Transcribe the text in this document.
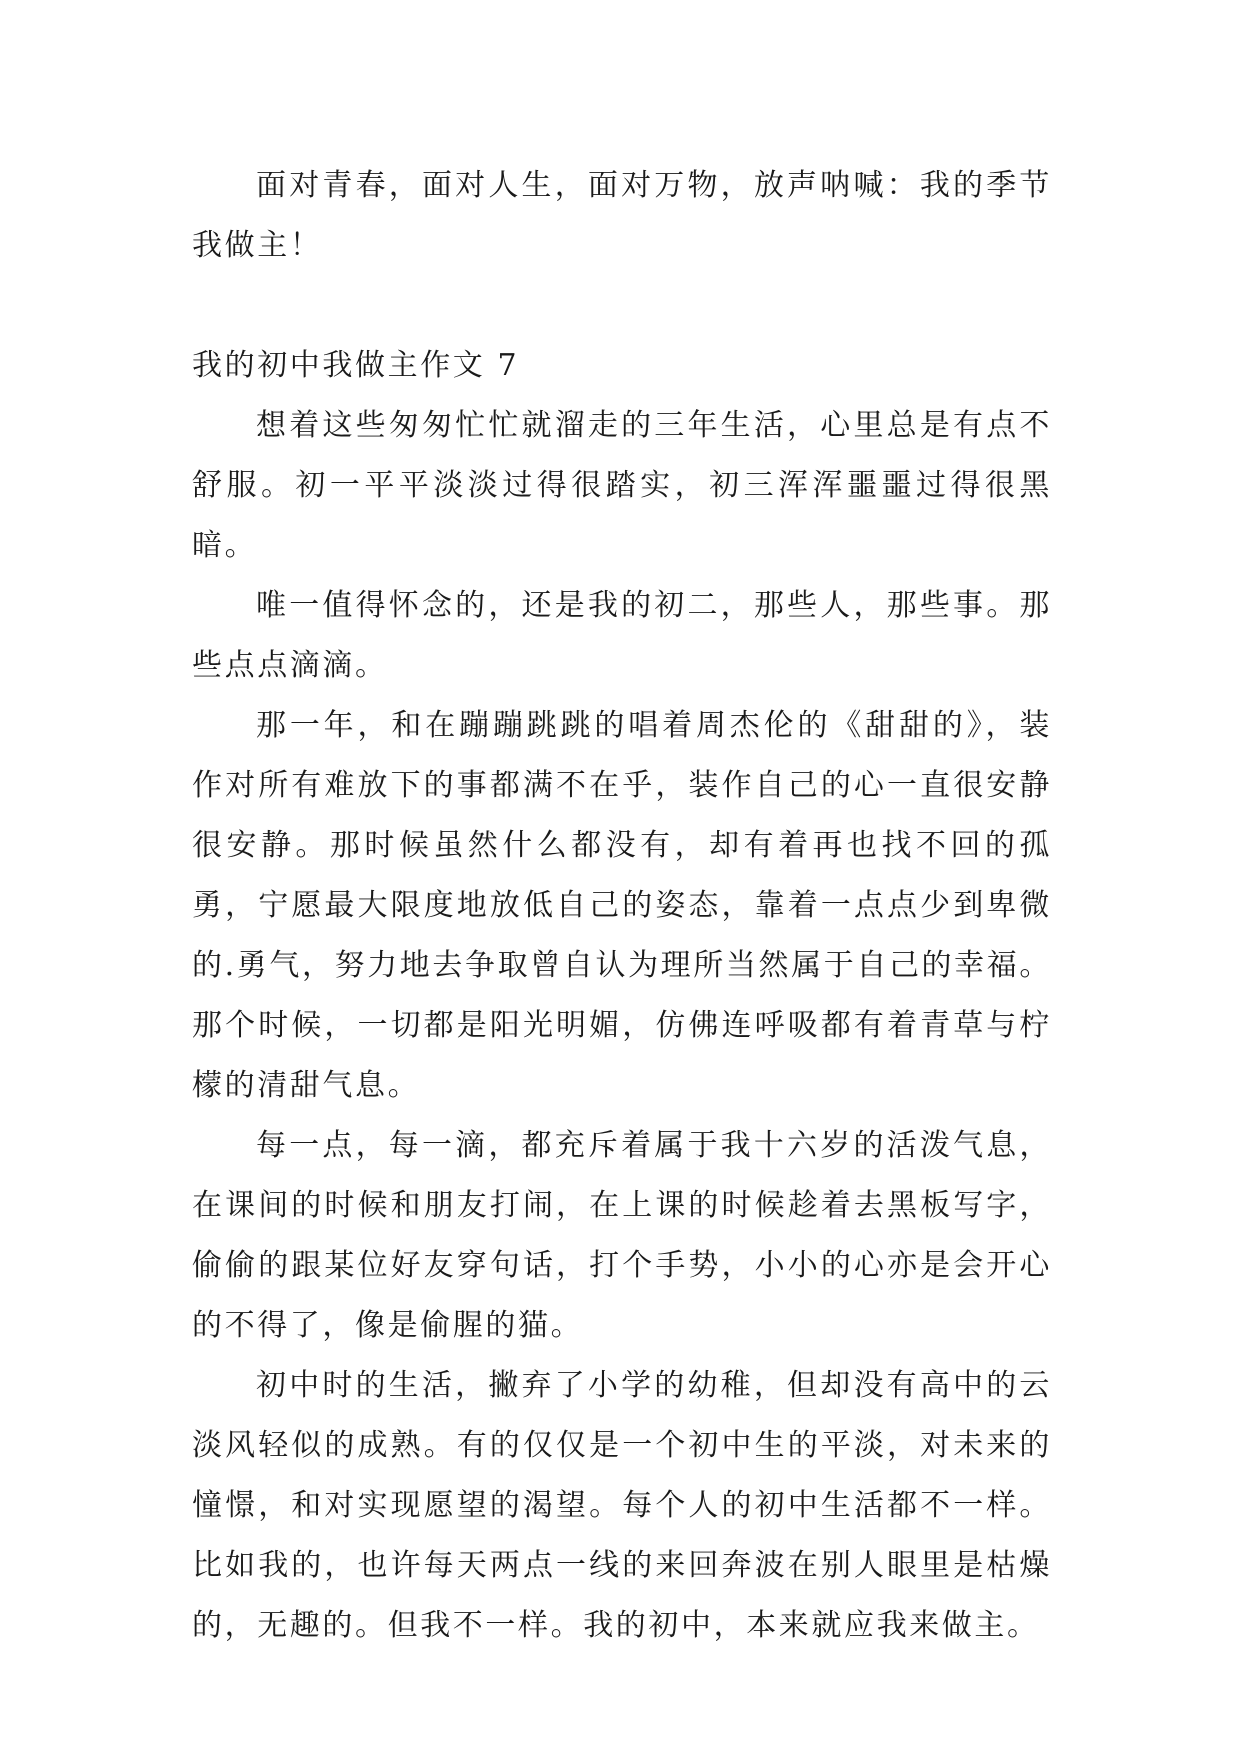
面对青春，面对人生，面对万物，放声呐喊：我的季节我做主！

我的初中我做主作文 7

想着这些匆匆忙忙就溜走的三年生活，心里总是有点不舒服。初一平平淡淡过得很踏实，初三浑浑噩噩过得很黑暗。

唯一值得怀念的，还是我的初二，那些人，那些事。那些点点滴滴。

那一年，和在蹦蹦跳跳的唱着周杰伦的《甜甜的》，装作对所有难放下的事都满不在乎，装作自己的心一直很安静很安静。那时候虽然什么都没有，却有着再也找不回的孤勇，宁愿最大限度地放低自己的姿态，靠着一点点少到卑微的.勇气，努力地去争取曾自认为理所当然属于自己的幸福。那个时候，一切都是阳光明媚，仿佛连呼吸都有着青草与柠檬的清甜气息。

每一点，每一滴，都充斥着属于我十六岁的活泼气息，在课间的时候和朋友打闹，在上课的时候趁着去黑板写字，偷偷的跟某位好友穿句话，打个手势，小小的心亦是会开心的不得了，像是偷腥的猫。

初中时的生活，撇弃了小学的幼稚，但却没有高中的云淡风轻似的成熟。有的仅仅是一个初中生的平淡，对未来的憧憬，和对实现愿望的渴望。每个人的初中生活都不一样。比如我的，也许每天两点一线的来回奔波在别人眼里是枯燥的，无趣的。但我不一样。我的初中，本来就应我来做主。
